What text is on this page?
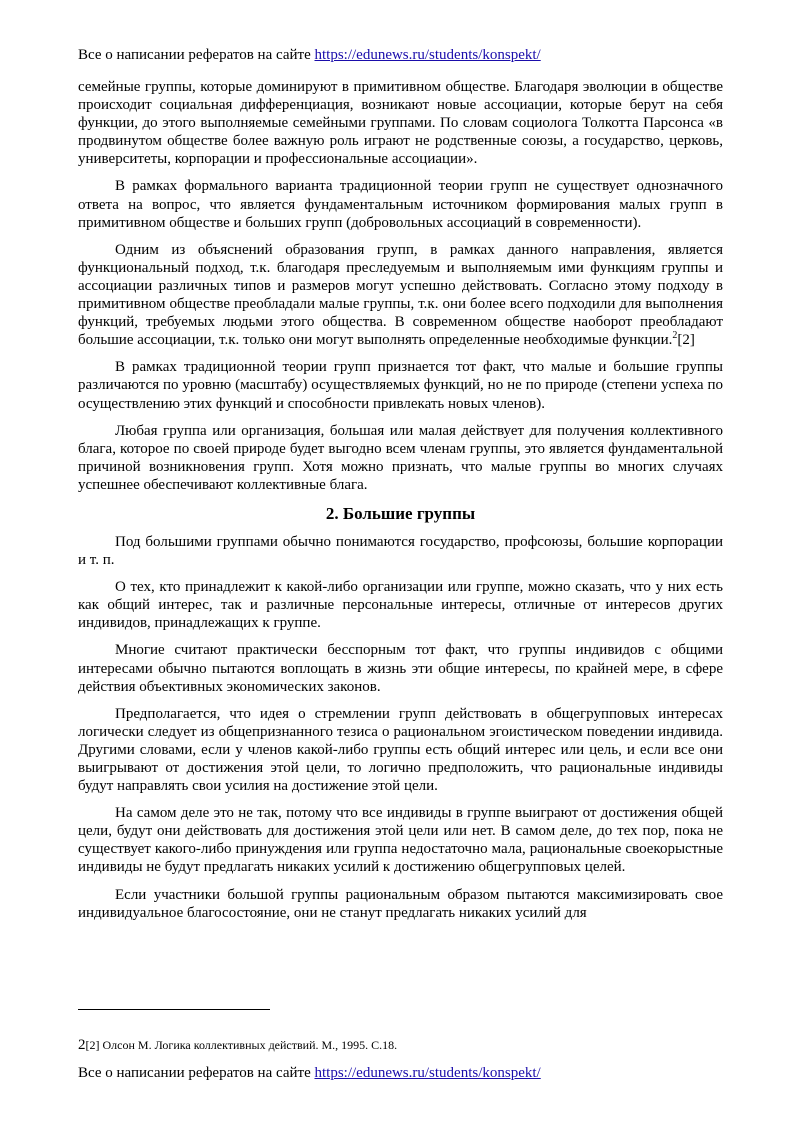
Все о написании рефератов на сайте https://edunews.ru/students/konspekt/

семейные группы, которые доминируют в примитивном обществе. Благодаря эволюции в обществе происходит социальная дифференциация, возникают новые ассоциации, которые берут на себя функции, до этого выполняемые семейными группами. По словам социолога Толкотта Парсонса «в продвинутом обществе более важную роль играют не родственные союзы, а государство, церковь, университеты, корпорации и профессиональные ассоциации».

В рамках формального варианта традиционной теории групп не существует однозначного ответа на вопрос, что является фундаментальным источником формирования малых групп в примитивном обществе и больших групп (добровольных ассоциаций в современности).

Одним из объяснений образования групп, в рамках данного направления, является функциональный подход, т.к. благодаря преследуемым и выполняемым ими функциям группы и ассоциации различных типов и размеров могут успешно действовать. Согласно этому подходу в примитивном обществе преобладали малые группы, т.к. они более всего подходили для выполнения функций, требуемых людьми этого общества. В современном обществе наоборот преобладают большие ассоциации, т.к. только они могут выполнять определенные необходимые функции.$^2$[2]

В рамках традиционной теории групп признается тот факт, что малые и большие группы различаются по уровню (масштабу) осуществляемых функций, но не по природе (степени успеха по осуществлению этих функций и способности привлекать новых членов).

Любая группа или организация, большая или малая действует для получения коллективного блага, которое по своей природе будет выгодно всем членам группы, это является фундаментальной причиной возникновения групп. Хотя можно признать, что малые группы во многих случаях успешнее обеспечивают коллективные блага.

2. Большие группы

Под большими группами обычно понимаются государство, профсоюзы, большие корпорации и т. п.

О тех, кто принадлежит к какой-либо организации или группе, можно сказать, что у них есть как общий интерес, так и различные персональные интересы, отличные от интересов других индивидов, принадлежащих к группе.

Многие считают практически бесспорным тот факт, что группы индивидов с общими интересами обычно пытаются воплощать в жизнь эти общие интересы, по крайней мере, в сфере действия объективных экономических законов.

Предполагается, что идея о стремлении групп действовать в общегрупповых интересах логически следует из общепризнанного тезиса о рациональном эгоистическом поведении индивида. Другими словами, если у членов какой-либо группы есть общий интерес или цель, и если все они выигрывают от достижения этой цели, то логично предположить, что рациональные индивиды будут направлять свои усилия на достижение этой цели.

На самом деле это не так, потому что все индивиды в группе выиграют от достижения общей цели, будут они действовать для достижения этой цели или нет. В самом деле, до тех пор, пока не существует какого-либо принуждения или группа недостаточно мала, рациональные своекорыстные индивиды не будут предлагать никаких усилий к достижению общегрупповых целей.

Если участники большой группы рациональным образом пытаются максимизировать свое индивидуальное благосостояние, они не станут предлагать никаких усилий для

2[2] Олсон М. Логика коллективных действий. М., 1995. С.18.
Все о написании рефератов на сайте https://edunews.ru/students/konspekt/
